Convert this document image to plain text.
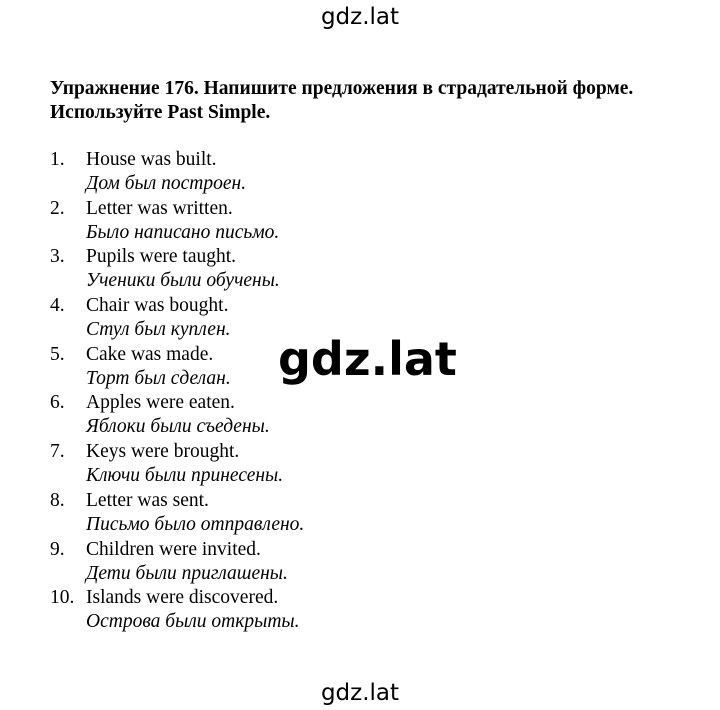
gdz.lat
Упражнение 176. Напишите предложения в страдательной форме.
Используйте Past Simple.
1. House was built.
Дом был построен.
2. Letter was written.
Было написано письмо.
3. Pupils were taught.
Ученики были обучены.
4. Chair was bought.
Стул был куплен.
5. Cake was made.
Торт был сделан.
6. Apples were eaten.
Яблоки были съедены.
7. Keys were brought.
Ключи были принесены.
8. Letter was sent.
Письмо было отправлено.
9. Children were invited.
Дети были приглашены.
10. Islands were discovered.
Острова были открыты.
gdz.lat
gdz.lat
